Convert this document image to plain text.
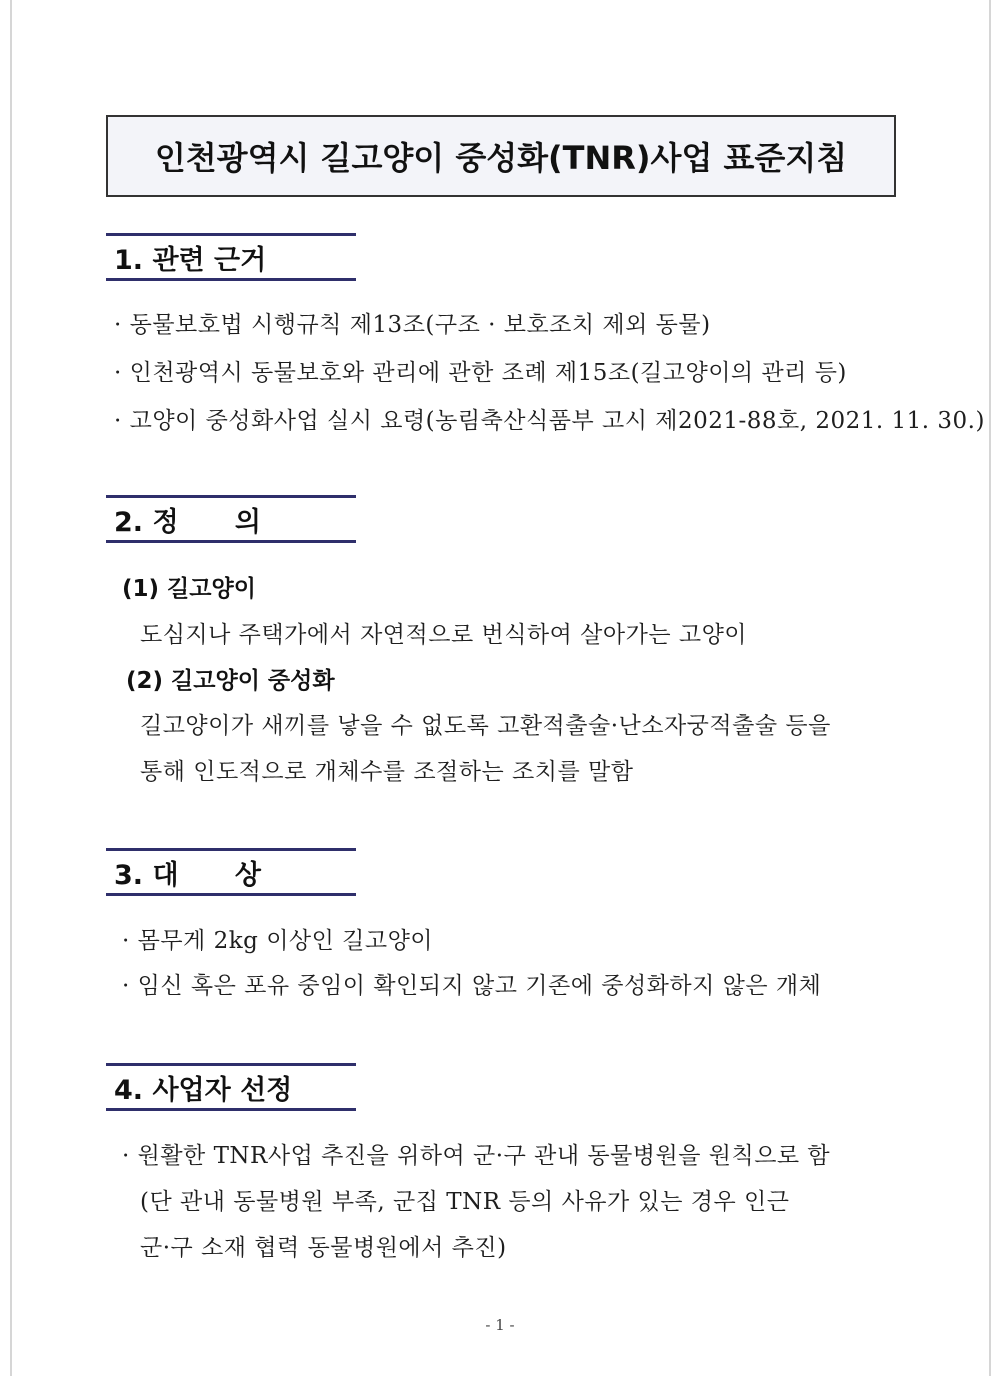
인천광역시 길고양이 중성화(TNR)사업 표준지침
1. 관련 근거
· 동물보호법 시행규칙 제13조(구조 · 보호조치 제외 동물)
· 인천광역시 동물보호와 관리에 관한 조례 제15조(길고양이의 관리 등)
· 고양이 중성화사업 실시 요령(농림축산식품부 고시 제2021-88호, 2021. 11. 30.)
2. 정      의
(1) 길고양이
도심지나 주택가에서 자연적으로 번식하여 살아가는 고양이
(2) 길고양이 중성화
길고양이가 새끼를 낳을 수 없도록 고환적출술·난소자궁적출술 등을
통해 인도적으로 개체수를 조절하는 조치를 말함
3. 대      상
· 몸무게 2kg 이상인 길고양이
· 임신 혹은 포유 중임이 확인되지 않고 기존에 중성화하지 않은 개체
4. 사업자 선정
· 원활한 TNR사업 추진을 위하여 군·구 관내 동물병원을 원칙으로 함
(단 관내 동물병원 부족, 군집 TNR 등의 사유가 있는 경우 인근
군·구 소재 협력 동물병원에서 추진)
- 1 -
